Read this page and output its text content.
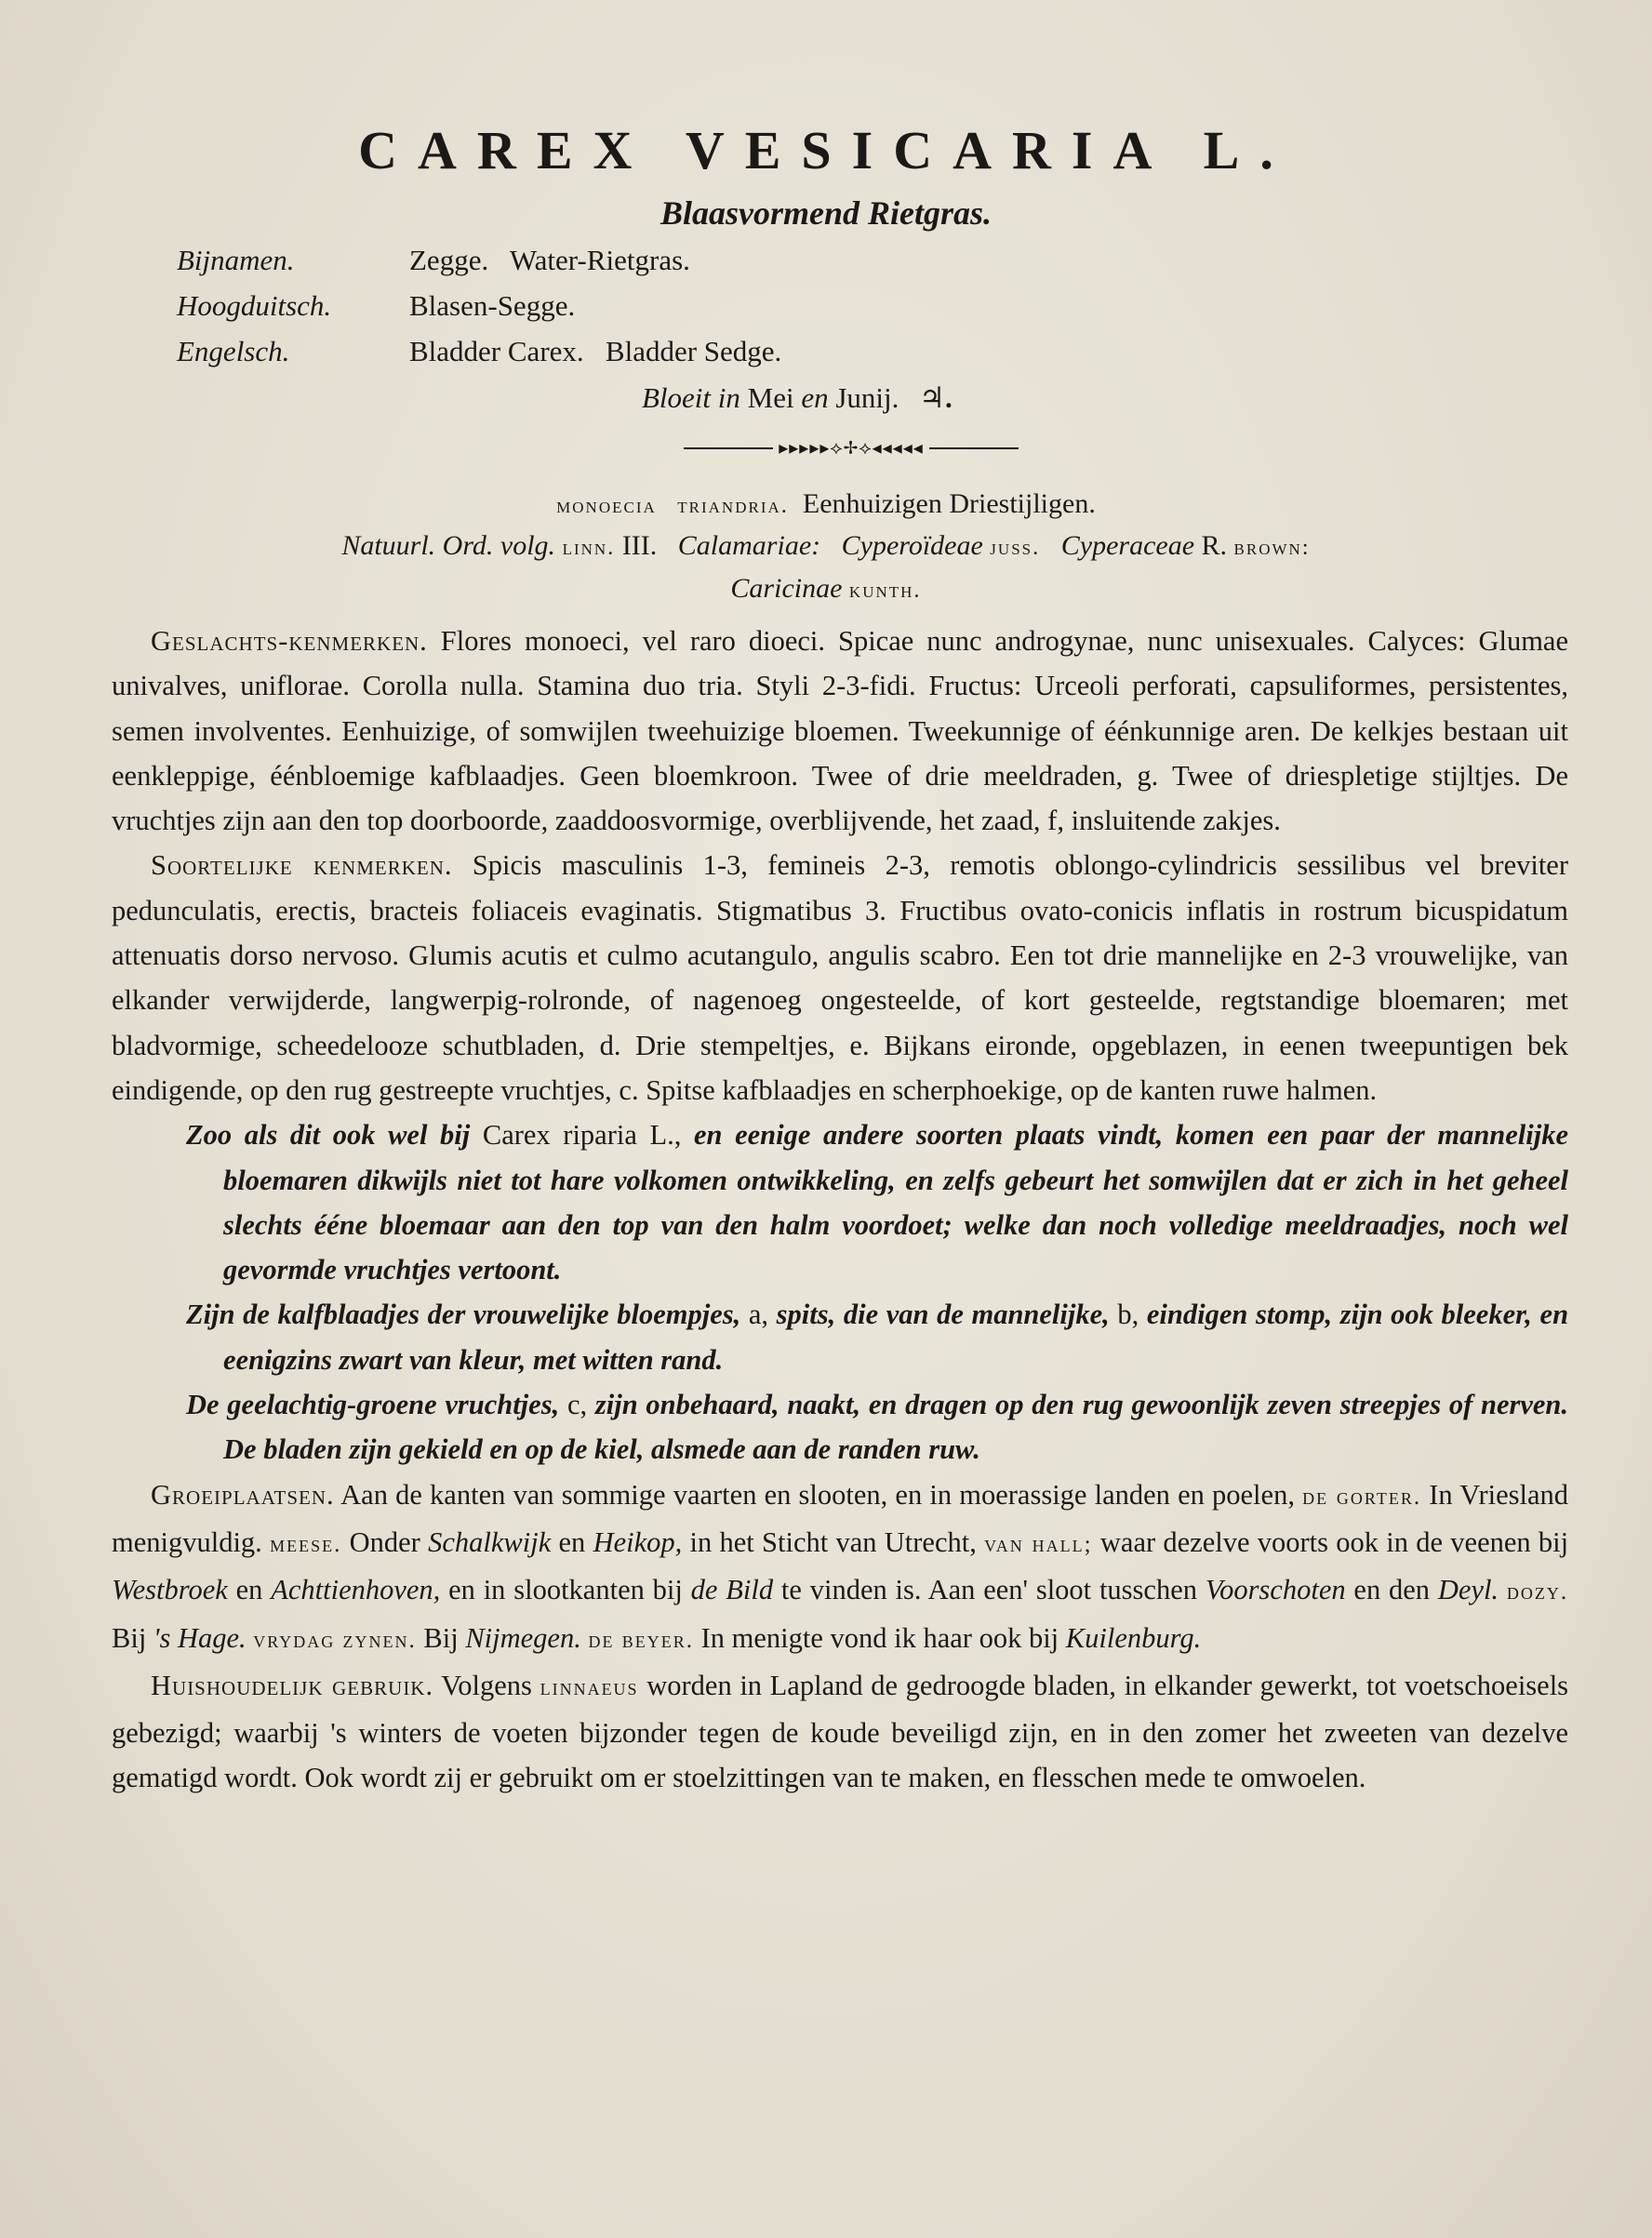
CAREX VESICARIA L.
Blaasvormend Rietgras.
Bijnamen.	Zegge.   Water-Rietgras.
Hoogduitsch.	Blasen-Segge.
Engelsch.	Bladder Carex.   Bladder Sedge.
Bloeit in Mei en Junij. ♃.
▸▸▸▸▸⟡✢⟡◂◂◂◂◂
monoecia triandria. Eenhuizigen Driestijligen.
Natuurl. Ord. volg. linn. III. Calamariae: Cyperoïdeae juss. Cyperaceae R. brown:
Caricinae kunth.

Geslachts-kenmerken. Flores monoeci, vel raro dioeci. Spicae nunc androgynae, nunc unisexuales. Calyces: Glumae univalves, uniflorae. Corolla nulla. Stamina duo tria. Styli 2-3-fidi. Fructus: Urceoli perforati, capsuliformes, persistentes, semen involventes. Eenhuizige, of somwijlen tweehuizige bloemen. Tweekunnige of éénkunnige aren. De kelkjes bestaan uit eenkleppige, éénbloemige kafblaadjes. Geen bloemkroon. Twee of drie meeldraden, g. Twee of driespletige stijltjes. De vruchtjes zijn aan den top doorboorde, zaaddoosvormige, overblijvende, het zaad, f, insluitende zakjes.

Soortelijke kenmerken. Spicis masculinis 1-3, femineis 2-3, remotis oblongo-cylindricis sessilibus vel breviter pedunculatis, erectis, bracteis foliaceis evaginatis. Stigmatibus 3. Fructibus ovato-conicis inflatis in rostrum bicuspidatum attenuatis dorso nervoso. Glumis acutis et culmo acutangulo, angulis scabro. Een tot drie mannelijke en 2-3 vrouwelijke, van elkander verwijderde, langwerpig-rolronde, of nagenoeg ongesteelde, of kort gesteelde, regtstandige bloemaren; met bladvormige, scheedelooze schutbladen, d. Drie stempeltjes, e. Bijkans eironde, opgeblazen, in eenen tweepuntigen bek eindigende, op den rug gestreepte vruchtjes, c. Spitse kafblaadjes en scherphoekige, op de kanten ruwe halmen.

Zoo als dit ook wel bij Carex riparia L., en eenige andere soorten plaats vindt, komen een paar der mannelijke bloemaren dikwijls niet tot hare volkomen ontwikkeling, en zelfs gebeurt het somwijlen dat er zich in het geheel slechts ééne bloemaar aan den top van den halm voordoet; welke dan noch volledige meeldraadjes, noch wel gevormde vruchtjes vertoont.

Zijn de kalfblaadjes der vrouwelijke bloempjes, a, spits, die van de mannelijke, b, eindigen stomp, zijn ook bleeker, en eenigzins zwart van kleur, met witten rand.

De geelachtig-groene vruchtjes, c, zijn onbehaard, naakt, en dragen op den rug gewoonlijk zeven streepjes of nerven. De bladen zijn gekield en op de kiel, alsmede aan de randen ruw.

Groeiplaatsen. Aan de kanten van sommige vaarten en slooten, en in moerassige landen en poelen, de gorter. In Vriesland menigvuldig. meese. Onder Schalkwijk en Heikop, in het Sticht van Utrecht, van hall; waar dezelve voorts ook in de veenen bij Westbroek en Achttienhoven, en in slootkanten bij de Bild te vinden is. Aan een' sloot tusschen Voorschoten en den Deyl. dozy. Bij 's Hage. vrydag zynen. Bij Nijmegen. de beyer. In menigte vond ik haar ook bij Kuilenburg.

Huishoudelijk gebruik. Volgens linnaeus worden in Lapland de gedroogde bladen, in elkander gewerkt, tot voetschoeisels gebezigd; waarbij 's winters de voeten bijzonder tegen de koude beveiligd zijn, en in den zomer het zweeten van dezelve gematigd wordt. Ook wordt zij er gebruikt om er stoelzittingen van te maken, en flesschen mede te omwoelen.
